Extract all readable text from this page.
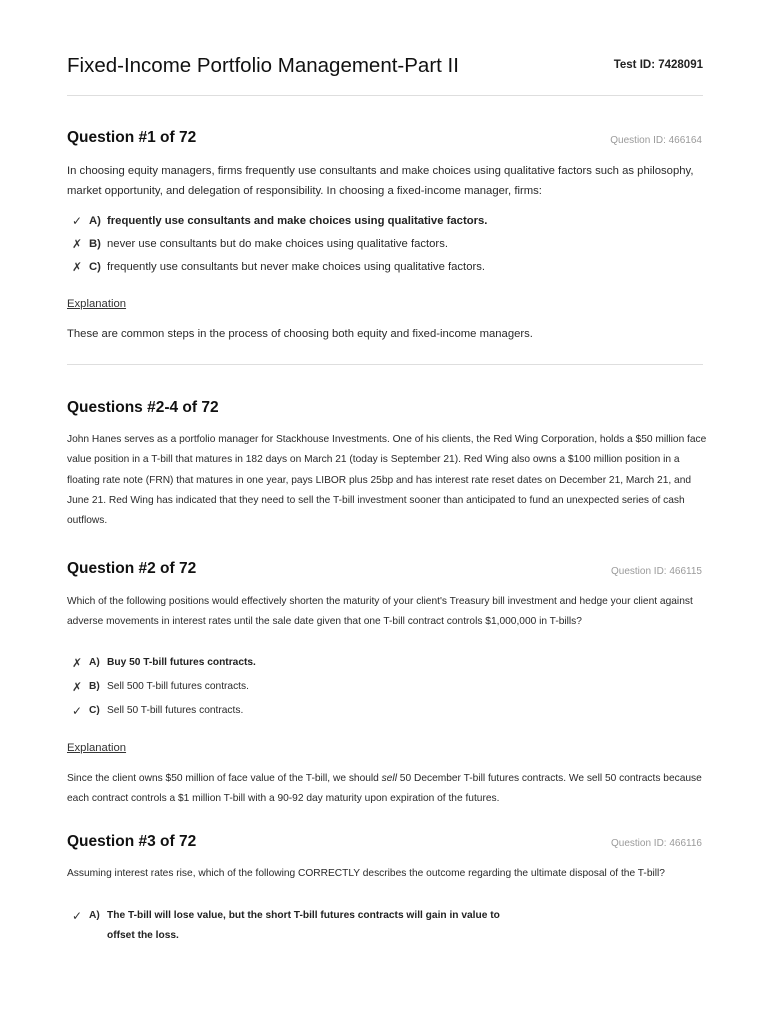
Fixed-Income Portfolio Management-Part II	Test ID: 7428091
Question #1 of 72	Question ID: 466164
In choosing equity managers, firms frequently use consultants and make choices using qualitative factors such as philosophy, market opportunity, and delegation of responsibility. In choosing a fixed-income manager, firms:
✓ A) frequently use consultants and make choices using qualitative factors.
✗ B) never use consultants but do make choices using qualitative factors.
✗ C) frequently use consultants but never make choices using qualitative factors.
Explanation
These are common steps in the process of choosing both equity and fixed-income managers.
Questions #2-4 of 72
John Hanes serves as a portfolio manager for Stackhouse Investments. One of his clients, the Red Wing Corporation, holds a $50 million face value position in a T-bill that matures in 182 days on March 21 (today is September 21). Red Wing also owns a $100 million position in a floating rate note (FRN) that matures in one year, pays LIBOR plus 25bp and has interest rate reset dates on December 21, March 21, and June 21. Red Wing has indicated that they need to sell the T-bill investment sooner than anticipated to fund an unexpected series of cash outflows.
Question #2 of 72	Question ID: 466115
Which of the following positions would effectively shorten the maturity of your client's Treasury bill investment and hedge your client against adverse movements in interest rates until the sale date given that one T-bill contract controls $1,000,000 in T-bills?
✗ A) Buy 50 T-bill futures contracts.
✗ B) Sell 500 T-bill futures contracts.
✓ C) Sell 50 T-bill futures contracts.
Explanation
Since the client owns $50 million of face value of the T-bill, we should sell 50 December T-bill futures contracts. We sell 50 contracts because each contract controls a $1 million T-bill with a 90-92 day maturity upon expiration of the futures.
Question #3 of 72	Question ID: 466116
Assuming interest rates rise, which of the following CORRECTLY describes the outcome regarding the ultimate disposal of the T-bill?
✓ A) The T-bill will lose value, but the short T-bill futures contracts will gain in value to offset the loss.
